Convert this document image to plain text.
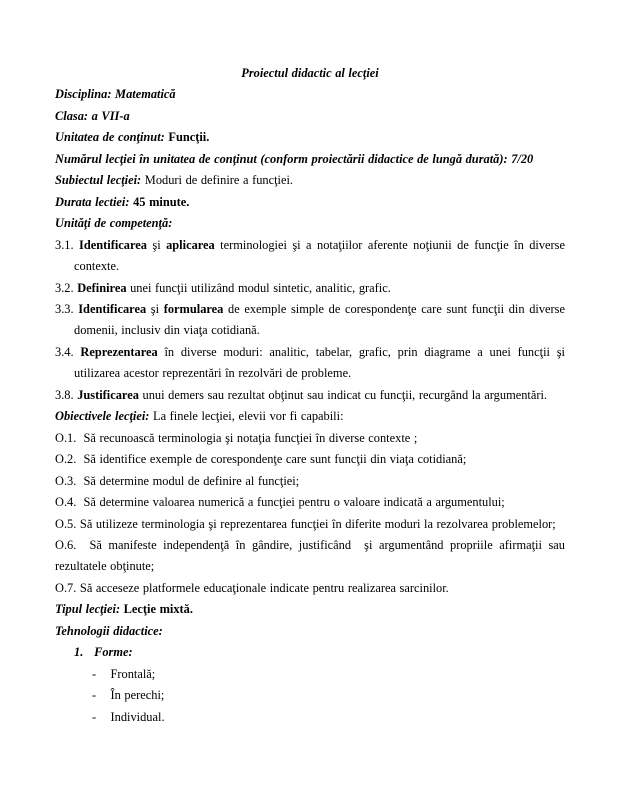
Proiectul didactic al lecţiei

Disciplina: Matematică

Clasa: a VII-a

Unitatea de conţinut: Funcţii.

Numărul lecţiei în unitatea de conţinut (conform proiectării didactice de lungă durată): 7/20

Subiectul lecţiei: Moduri de definire a funcţiei.

Durata lectiei: 45 minute.

Unităţi de competenţă:

3.1. Identificarea şi aplicarea terminologiei şi a notaţiilor aferente noţiunii de funcţie în diverse contexte.

3.2. Definirea unei funcţii utilizând modul sintetic, analitic, grafic.

3.3. Identificarea şi formularea de exemple simple de corespondenţe care sunt funcţii din diverse domenii, inclusiv din viaţa cotidiană.

3.4. Reprezentarea în diverse moduri: analitic, tabelar, grafic, prin diagrame a unei funcţii şi utilizarea acestor reprezentări în rezolvări de probleme.

3.8. Justificarea unui demers sau rezultat obţinut sau indicat cu funcţii, recurgând la argumentări.

Obiectivele lecţiei: La finele lecţiei, elevii vor fi capabili:

O.1.  Să recunoască terminologia şi notaţia funcţiei în diverse contexte ;

O.2.  Să identifice exemple de corespondenţe care sunt funcţii din viaţa cotidiană;

O.3.  Să determine modul de definire al funcţiei;

O.4.  Să determine valoarea numerică a funcţiei pentru o valoare indicată a argumentului;

O.5. Să utilizeze terminologia şi reprezentarea funcţiei în diferite moduri la rezolvarea problemelor;

O.6.  Să manifeste independenţă în gândire, justificând  şi argumentând propriile afirmaţii sau rezultatele obţinute;

O.7. Să acceseze platformele educaţionale indicate pentru realizarea sarcinilor.

Tipul lecţiei: Lecţie mixtă.

Tehnologii didactice:

1.   Forme:

-    Frontală;

-    În perechi;

-    Individual.
